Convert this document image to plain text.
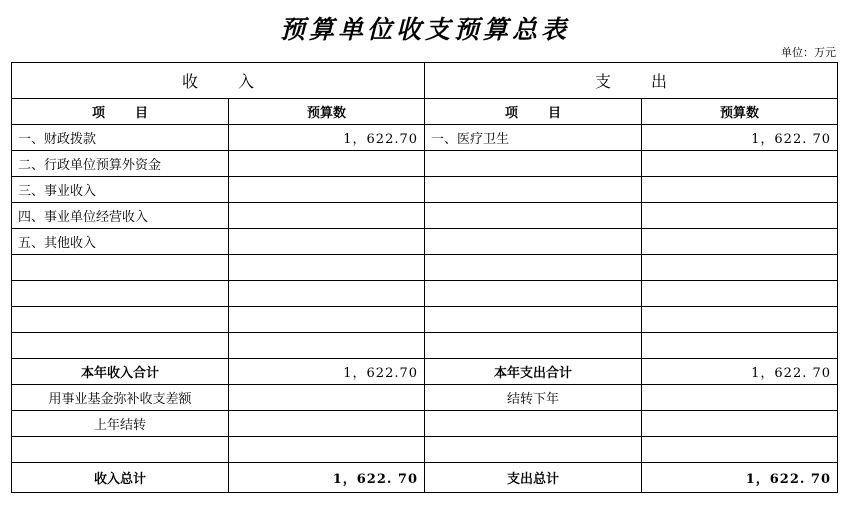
预算单位收支预算总表
单位：万元
收入		支出	
项目	预算数	项目	预算数
一、财政拨款	1，622.70	一、医疗卫生	1，622. 70
二、行政单位预算外资金			
三、事业收入			
四、事业单位经营收入			
五、其他收入			

本年收入合计	1，622.70	本年支出合计	1，622. 70
用事业基金弥补收支差额		结转下年	
上年结转			

收入总计	1，622. 70	支出总计	1，622. 70
